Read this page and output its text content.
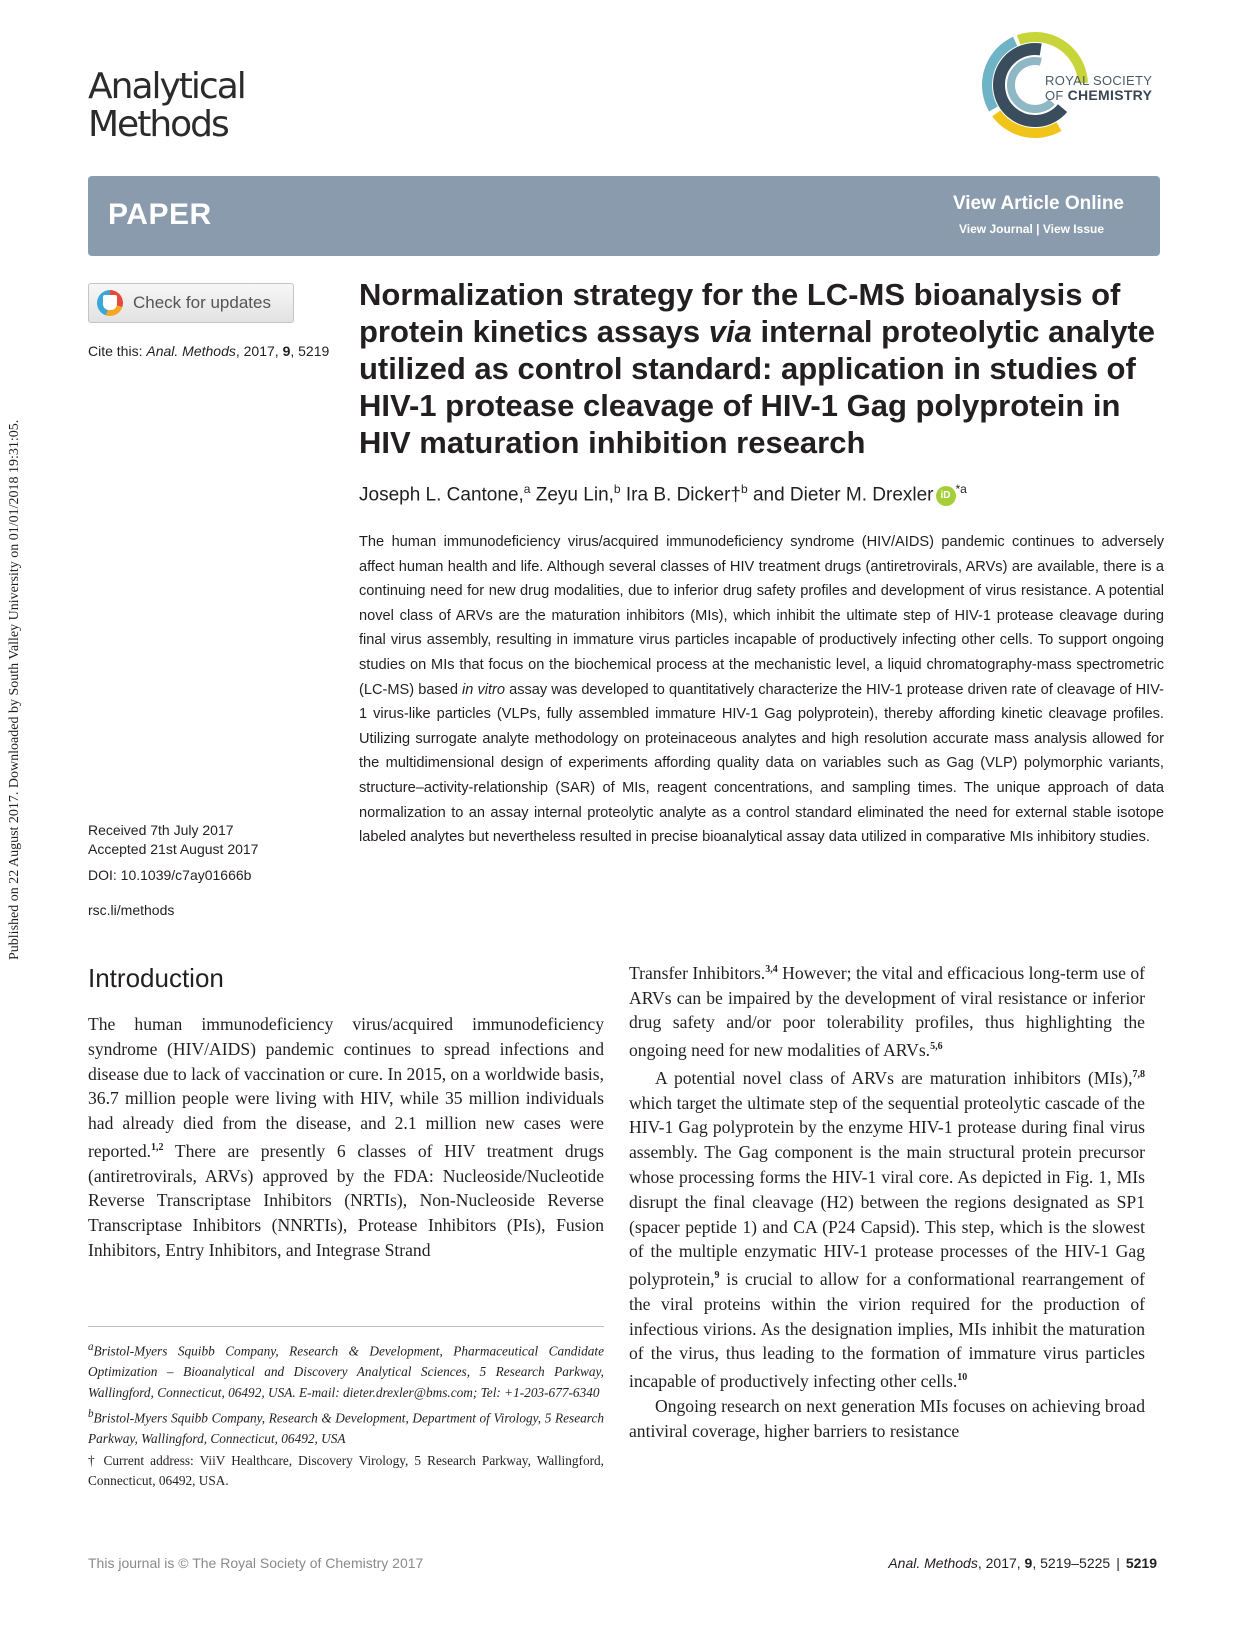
Published on 22 August 2017. Downloaded by South Valley University on 01/01/2018 19:31:05.
Analytical
Methods
ROYAL SOCIETY
OF CHEMISTRY
PAPER	View Article Online
View Journal | View Issue
Check for updates
Cite this: Anal. Methods, 2017, 9, 5219
Received 7th July 2017
Accepted 21st August 2017
DOI: 10.1039/c7ay01666b
rsc.li/methods
Normalization strategy for the LC-MS bioanalysis of protein kinetics assays via internal proteolytic analyte utilized as control standard: application in studies of HIV-1 protease cleavage of HIV-1 Gag polyprotein in HIV maturation inhibition research
Joseph L. Cantone,$^a$ Zeyu Lin,$^b$ Ira B. Dicker†$^b$ and Dieter M. Drexler iD $^{*a}$
The human immunodeficiency virus/acquired immunodeficiency syndrome (HIV/AIDS) pandemic continues to adversely affect human health and life. Although several classes of HIV treatment drugs (antiretrovirals, ARVs) are available, there is a continuing need for new drug modalities, due to inferior drug safety profiles and development of virus resistance. A potential novel class of ARVs are the maturation inhibitors (MIs), which inhibit the ultimate step of HIV-1 protease cleavage during final virus assembly, resulting in immature virus particles incapable of productively infecting other cells. To support ongoing studies on MIs that focus on the biochemical process at the mechanistic level, a liquid chromatography-mass spectrometric (LC-MS) based in vitro assay was developed to quantitatively characterize the HIV-1 protease driven rate of cleavage of HIV-1 virus-like particles (VLPs, fully assembled immature HIV-1 Gag polyprotein), thereby affording kinetic cleavage profiles. Utilizing surrogate analyte methodology on proteinaceous analytes and high resolution accurate mass analysis allowed for the multidimensional design of experiments affording quality data on variables such as Gag (VLP) polymorphic variants, structure–activity-relationship (SAR) of MIs, reagent concentrations, and sampling times. The unique approach of data normalization to an assay internal proteolytic analyte as a control standard eliminated the need for external stable isotope labeled analytes but nevertheless resulted in precise bioanalytical assay data utilized in comparative MIs inhibitory studies.
Introduction

The human immunodeficiency virus/acquired immunodeficiency syndrome (HIV/AIDS) pandemic continues to spread infections and disease due to lack of vaccination or cure. In 2015, on a worldwide basis, 36.7 million people were living with HIV, while 35 million individuals had already died from the disease, and 2.1 million new cases were reported.$^{1,2}$ There are presently 6 classes of HIV treatment drugs (antiretrovirals, ARVs) approved by the FDA: Nucleoside/Nucleotide Reverse Transcriptase Inhibitors (NRTIs), Non-Nucleoside Reverse Transcriptase Inhibitors (NNRTIs), Protease Inhibitors (PIs), Fusion Inhibitors, Entry Inhibitors, and Integrase Strand

Transfer Inhibitors.$^{3,4}$ However; the vital and efficacious long-term use of ARVs can be impaired by the development of viral resistance or inferior drug safety and/or poor tolerability profiles, thus highlighting the ongoing need for new modalities of ARVs.$^{5,6}$

A potential novel class of ARVs are maturation inhibitors (MIs),$^{7,8}$ which target the ultimate step of the sequential proteolytic cascade of the HIV-1 Gag polyprotein by the enzyme HIV-1 protease during final virus assembly. The Gag component is the main structural protein precursor whose processing forms the HIV-1 viral core. As depicted in Fig. 1, MIs disrupt the final cleavage (H2) between the regions designated as SP1 (spacer peptide 1) and CA (P24 Capsid). This step, which is the slowest of the multiple enzymatic HIV-1 protease processes of the HIV-1 Gag polyprotein,$^9$ is crucial to allow for a conformational rearrangement of the viral proteins within the virion required for the production of infectious virions. As the designation implies, MIs inhibit the maturation of the virus, thus leading to the formation of immature virus particles incapable of productively infecting other cells.$^{10}$

Ongoing research on next generation MIs focuses on achieving broad antiviral coverage, higher barriers to resistance

$^a$Bristol-Myers Squibb Company, Research & Development, Pharmaceutical Candidate Optimization – Bioanalytical and Discovery Analytical Sciences, 5 Research Parkway, Wallingford, Connecticut, 06492, USA. E-mail: dieter.drexler@bms.com; Tel: +1-203-677-6340

$^b$Bristol-Myers Squibb Company, Research & Development, Department of Virology, 5 Research Parkway, Wallingford, Connecticut, 06492, USA

† Current address: ViiV Healthcare, Discovery Virology, 5 Research Parkway, Wallingford, Connecticut, 06492, USA.

This journal is © The Royal Society of Chemistry 2017	Anal. Methods, 2017, 9, 5219–5225 | 5219
